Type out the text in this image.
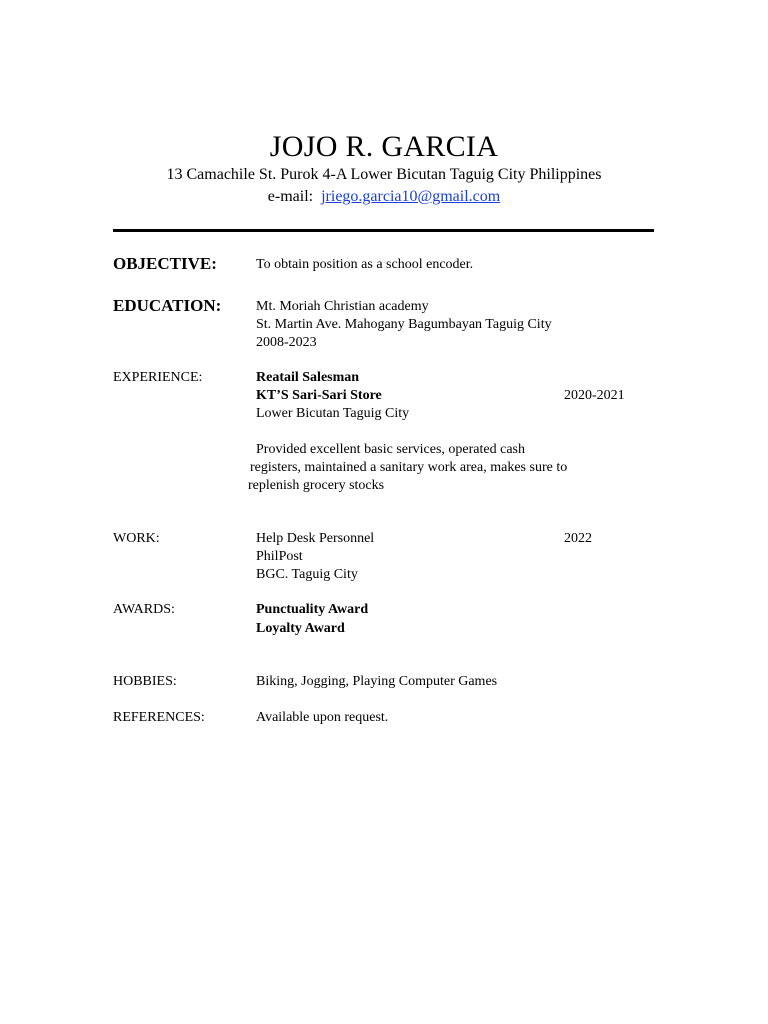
JOJO R. GARCIA
13 Camachile St. Purok 4-A Lower Bicutan Taguig City Philippines
e-mail: jriego.garcia10@gmail.com
OBJECTIVE:	To obtain position as a school encoder.
EDUCATION: Mt. Moriah Christian academy
St. Martin Ave. Mahogany Bagumbayan Taguig City
2008-2023
EXPERIENCE:	Reatail Salesman
KT’S Sari-Sari Store	2020-2021
Lower Bicutan Taguig City
Provided excellent basic services, operated cash
registers, maintained a sanitary work area, makes sure to
replenish grocery stocks
WORK:	Help Desk Personnel	2022
PhilPost
BGC. Taguig City
AWARDS:	Punctuality Award
Loyalty Award
HOBBIES:	Biking, Jogging, Playing Computer Games
REFERENCES:	Available upon request.
